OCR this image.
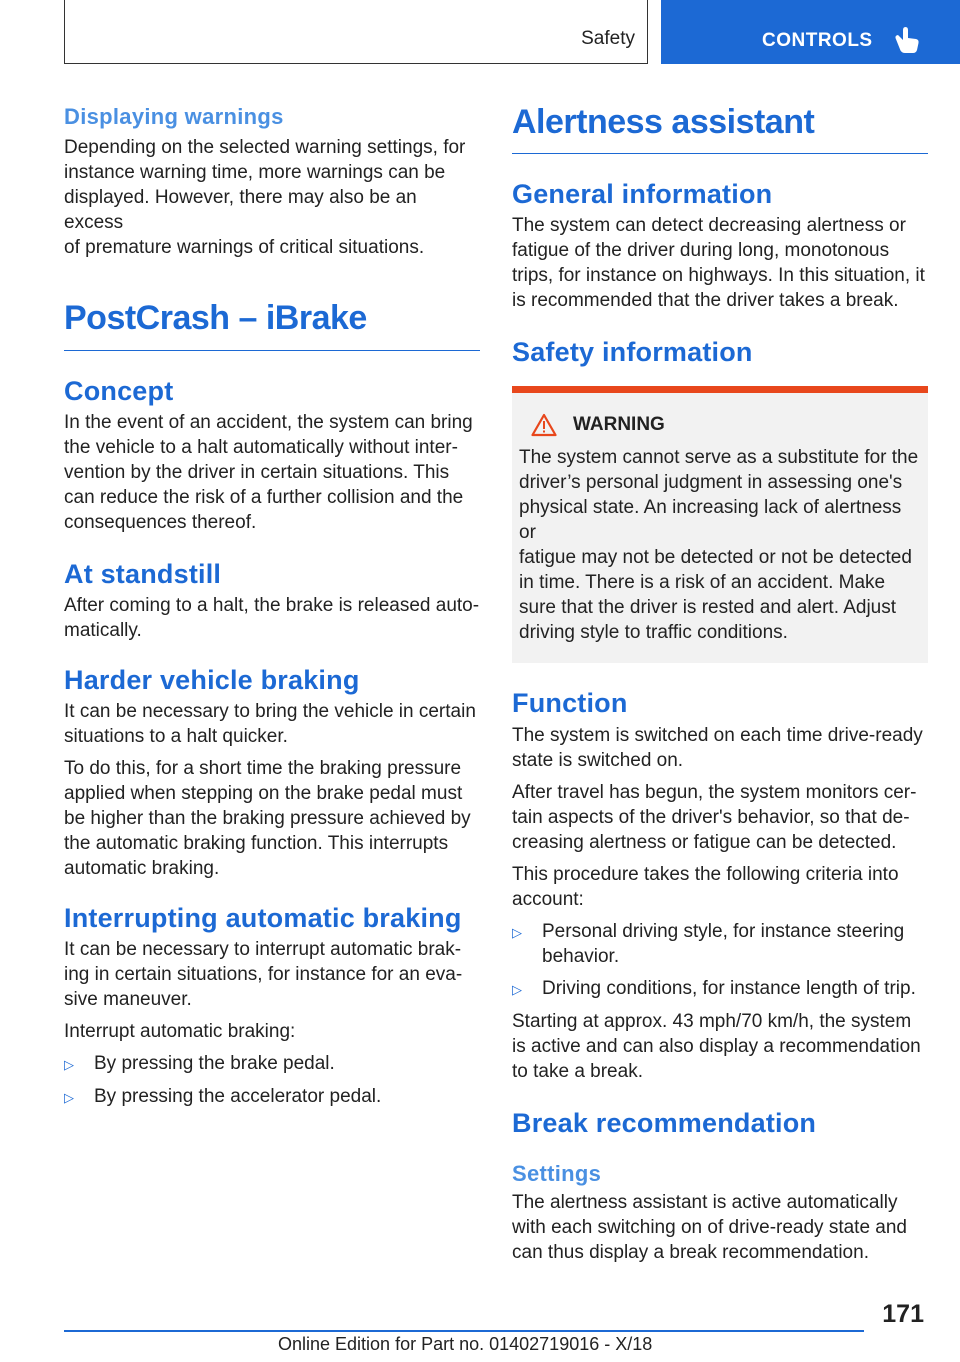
Safety	CONTROLS
Displaying warnings

Depending on the selected warning settings, for

instance warning time, more warnings can be

displayed. However, there may also be an excess

of premature warnings of critical situations.

PostCrash – iBrake
Concept

In the event of an accident, the system can bring

the vehicle to a halt automatically without inter‐

vention by the driver in certain situations. This

can reduce the risk of a further collision and the

consequences thereof.

At standstill

After coming to a halt, the brake is released auto‐

matically.

Harder vehicle braking

It can be necessary to bring the vehicle in certain

situations to a halt quicker.

To do this, for a short time the braking pressure

applied when stepping on the brake pedal must

be higher than the braking pressure achieved by

the automatic braking function. This interrupts

automatic braking.

Interrupting automatic braking

It can be necessary to interrupt automatic brak‐

ing in certain situations, for instance for an eva‐

sive maneuver.

Interrupt automatic braking:

▷	By pressing the brake pedal.
▷	By pressing the accelerator pedal.
Alertness assistant
General information

The system can detect decreasing alertness or

fatigue of the driver during long, monotonous

trips, for instance on highways. In this situation, it

is recommended that the driver takes a break.

Safety information
WARNING

The system cannot serve as a substitute for the

driver’s personal judgment in assessing one's

physical state. An increasing lack of alertness or

fatigue may not be detected or not be detected

in time. There is a risk of an accident. Make

sure that the driver is rested and alert. Adjust

driving style to traffic conditions.

Function

The system is switched on each time drive-ready

state is switched on.

After travel has begun, the system monitors cer‐

tain aspects of the driver's behavior, so that de‐

creasing alertness or fatigue can be detected.

This procedure takes the following criteria into

account:

▷	Personal driving style, for instance steering
behavior.
▷	Driving conditions, for instance length of trip.

Starting at approx. 43 mph/70 km/h, the system

is active and can also display a recommendation

to take a break.

Break recommendation
Settings

The alertness assistant is active automatically

with each switching on of drive-ready state and

can thus display a break recommendation.

171
Online Edition for Part no. 01402719016 - X/18
